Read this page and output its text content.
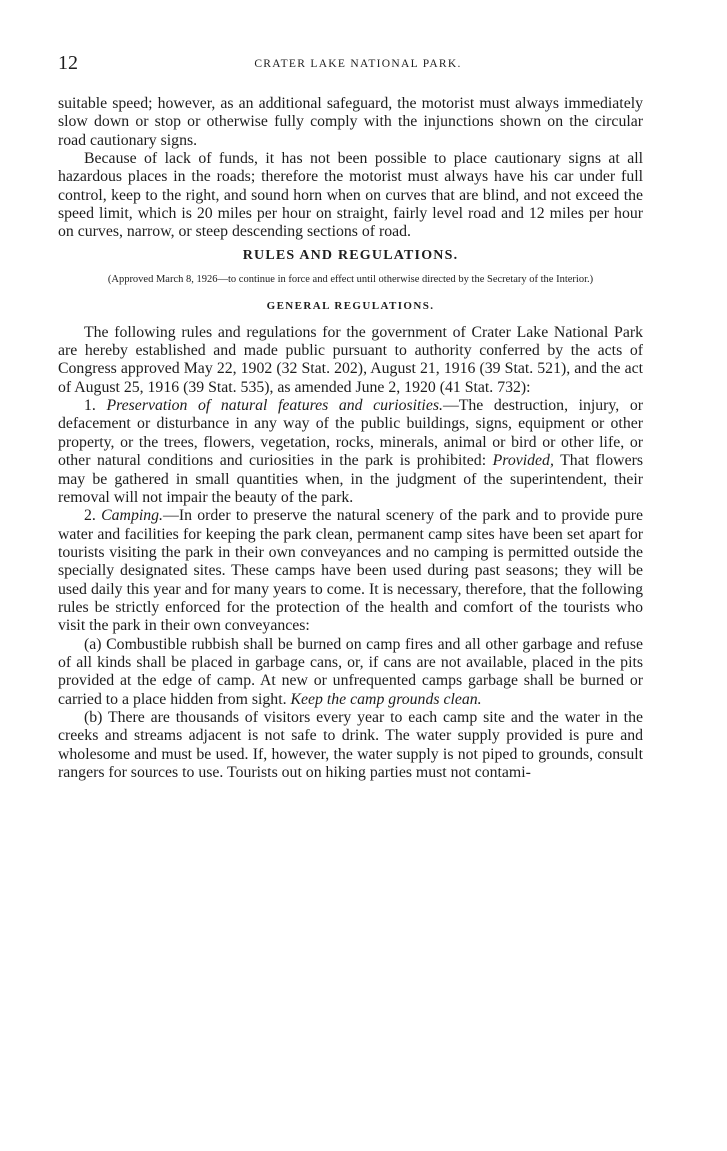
12	CRATER LAKE NATIONAL PARK.

suitable speed; however, as an additional safeguard, the motorist must always immediately slow down or stop or otherwise fully comply with the injunctions shown on the circular road cautionary signs.

Because of lack of funds, it has not been possible to place cautionary signs at all hazardous places in the roads; therefore the motorist must always have his car under full control, keep to the right, and sound horn when on curves that are blind, and not exceed the speed limit, which is 20 miles per hour on straight, fairly level road and 12 miles per hour on curves, narrow, or steep descending sections of road.

RULES AND REGULATIONS.
(Approved March 8, 1926—to continue in force and effect until otherwise directed by the Secretary of the Interior.)
GENERAL REGULATIONS.

The following rules and regulations for the government of Crater Lake National Park are hereby established and made public pursuant to authority conferred by the acts of Congress approved May 22, 1902 (32 Stat. 202), August 21, 1916 (39 Stat. 521), and the act of August 25, 1916 (39 Stat. 535), as amended June 2, 1920 (41 Stat. 732):

1. Preservation of natural features and curiosities.—The destruction, injury, or defacement or disturbance in any way of the public buildings, signs, equipment or other property, or the trees, flowers, vegetation, rocks, minerals, animal or bird or other life, or other natural conditions and curiosities in the park is prohibited: Provided, That flowers may be gathered in small quantities when, in the judgment of the superintendent, their removal will not impair the beauty of the park.

2. Camping.—In order to preserve the natural scenery of the park and to provide pure water and facilities for keeping the park clean, permanent camp sites have been set apart for tourists visiting the park in their own conveyances and no camping is permitted outside the specially designated sites. These camps have been used during past seasons; they will be used daily this year and for many years to come. It is necessary, therefore, that the following rules be strictly enforced for the protection of the health and comfort of the tourists who visit the park in their own conveyances:

(a) Combustible rubbish shall be burned on camp fires and all other garbage and refuse of all kinds shall be placed in garbage cans, or, if cans are not available, placed in the pits provided at the edge of camp. At new or unfrequented camps garbage shall be burned or carried to a place hidden from sight. Keep the camp grounds clean.

(b) There are thousands of visitors every year to each camp site and the water in the creeks and streams adjacent is not safe to drink. The water supply provided is pure and wholesome and must be used. If, however, the water supply is not piped to grounds, consult rangers for sources to use. Tourists out on hiking parties must not contami-
